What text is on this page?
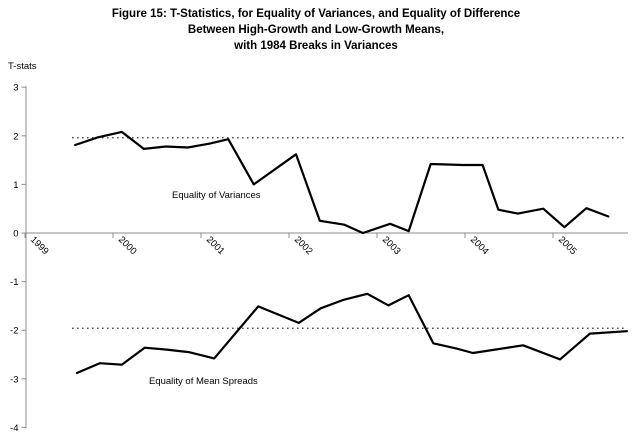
Figure 15: T-Statistics, for Equality of Variances, and Equality of Difference
Between High-Growth and Low-Growth Means,
with 1984 Breaks in Variances
T-stats
3
2
1
0
-1
-2
-3
-4
1999	2000	2001	2002	2003	2004	2005
Equality of Variances
Equality of Mean Spreads
